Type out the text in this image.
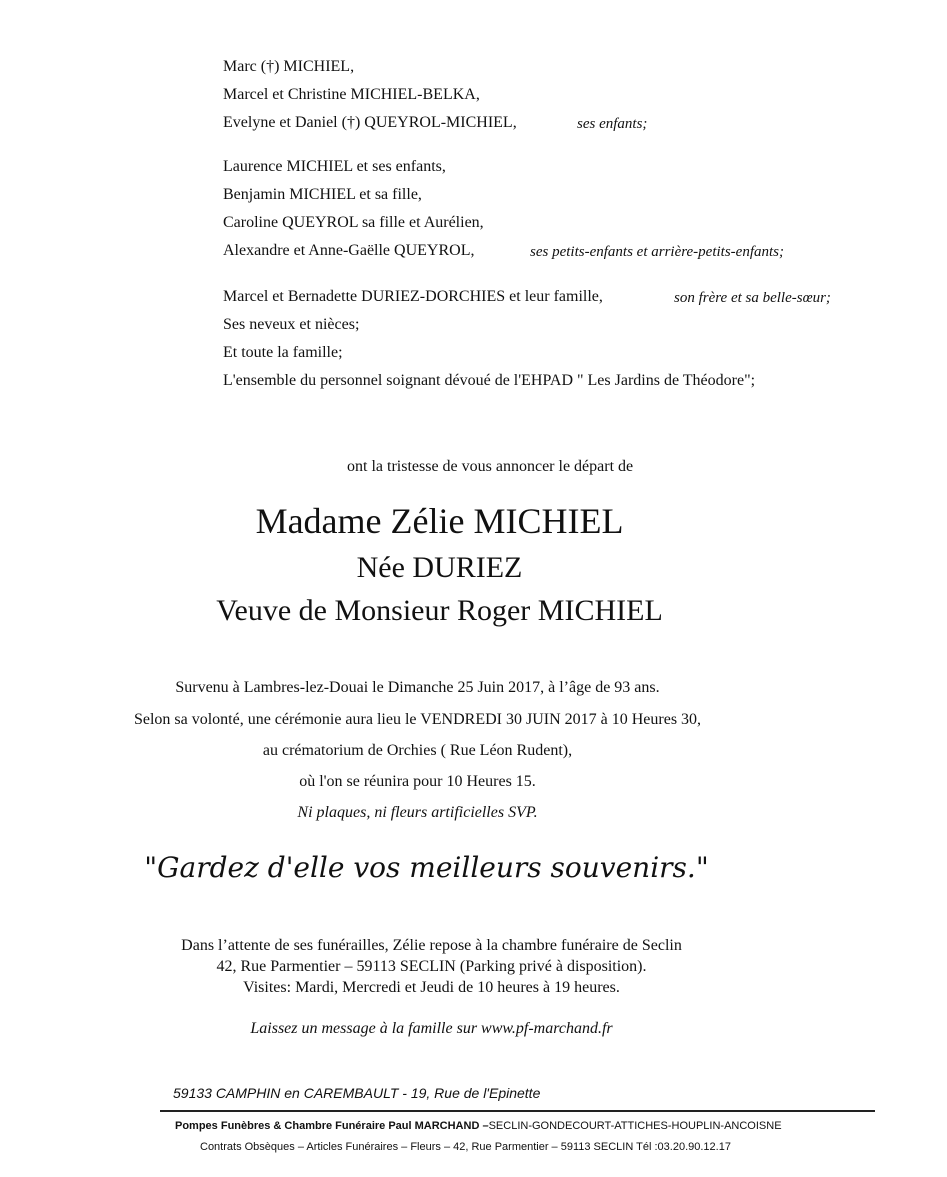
Marc (†) MICHIEL,
Marcel et Christine MICHIEL-BELKA,
Evelyne et Daniel (†) QUEYROL-MICHIEL,	ses enfants;
Laurence MICHIEL et ses enfants,
Benjamin MICHIEL et sa fille,
Caroline QUEYROL sa fille et Aurélien,
Alexandre et Anne-Gaëlle QUEYROL,	ses petits-enfants et arrière-petits-enfants;
Marcel et Bernadette DURIEZ-DORCHIES et leur famille,	son frère et sa belle-sœur;
Ses neveux et nièces;
Et toute la famille;
L'ensemble du personnel soignant dévoué de l'EHPAD " Les Jardins de Théodore";
ont la tristesse de vous annoncer le départ de
Madame Zélie MICHIEL
Née DURIEZ
Veuve de Monsieur Roger MICHIEL
Survenu à Lambres-lez-Douai le Dimanche 25 Juin 2017, à l’âge de 93 ans.
Selon sa volonté, une cérémonie aura lieu le VENDREDI 30 JUIN 2017 à 10 Heures 30,
au crématorium de Orchies ( Rue Léon Rudent),
où l'on se réunira pour 10 Heures 15.
Ni plaques, ni fleurs artificielles SVP.
"Gardez d'elle vos meilleurs souvenirs."
Dans l’attente de ses funérailles, Zélie repose à la chambre funéraire de Seclin
42, Rue Parmentier – 59113 SECLIN (Parking privé à disposition).
Visites: Mardi, Mercredi et Jeudi de 10 heures à 19 heures.
Laissez un message à la famille sur www.pf-marchand.fr
59133 CAMPHIN en CAREMBAULT - 19, Rue de l'Epinette
Pompes Funèbres & Chambre Funéraire Paul MARCHAND –SECLIN-GONDECOURT-ATTICHES-HOUPLIN-ANCOISNE
Contrats Obsèques – Articles Funéraires – Fleurs – 42, Rue Parmentier – 59113 SECLIN Tél :03.20.90.12.17
